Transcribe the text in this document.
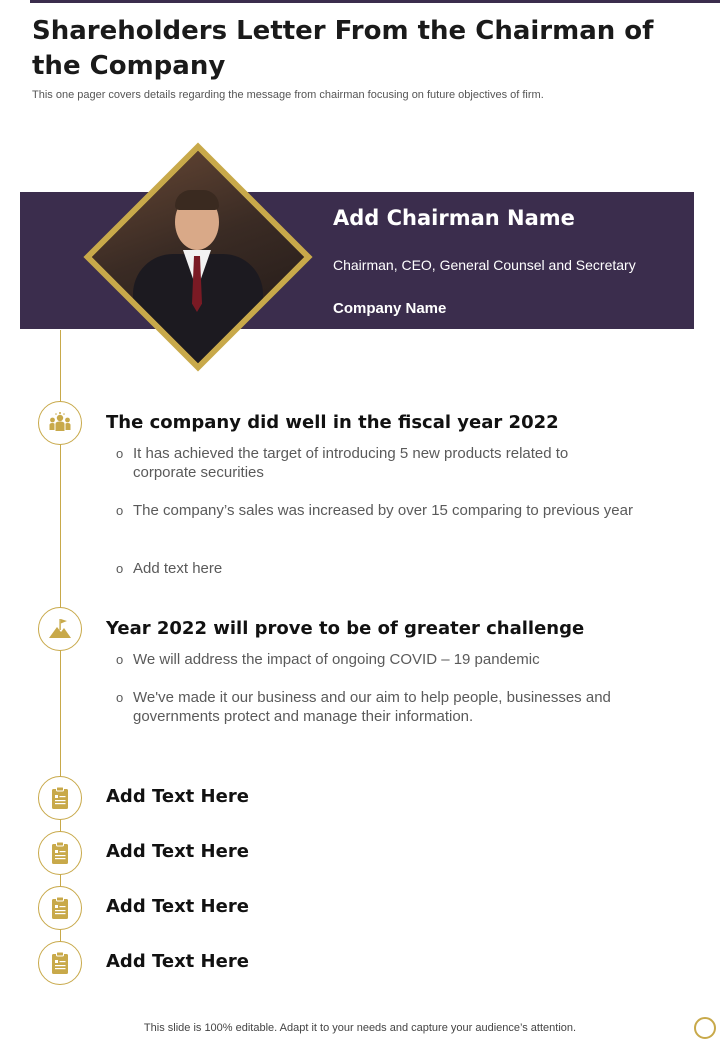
Shareholders Letter From the Chairman of the Company
This one pager covers details regarding the message from chairman focusing on future objectives of firm.
Add Chairman Name
Chairman, CEO, General Counsel and Secretary
Company Name
The company did well in the fiscal year 2022
o It has achieved the target of introducing 5 new products related to corporate securities
o The company’s sales was increased by over 15 comparing to previous year
o Add text here
Year 2022 will prove to be of greater challenge
o We will address the impact of ongoing COVID – 19 pandemic
o We've made it our business and our aim to help people, businesses and governments protect and manage their information.
Add Text Here
Add Text Here
Add Text Here
Add Text Here
This slide is 100% editable. Adapt it to your needs and capture your audience’s attention.
